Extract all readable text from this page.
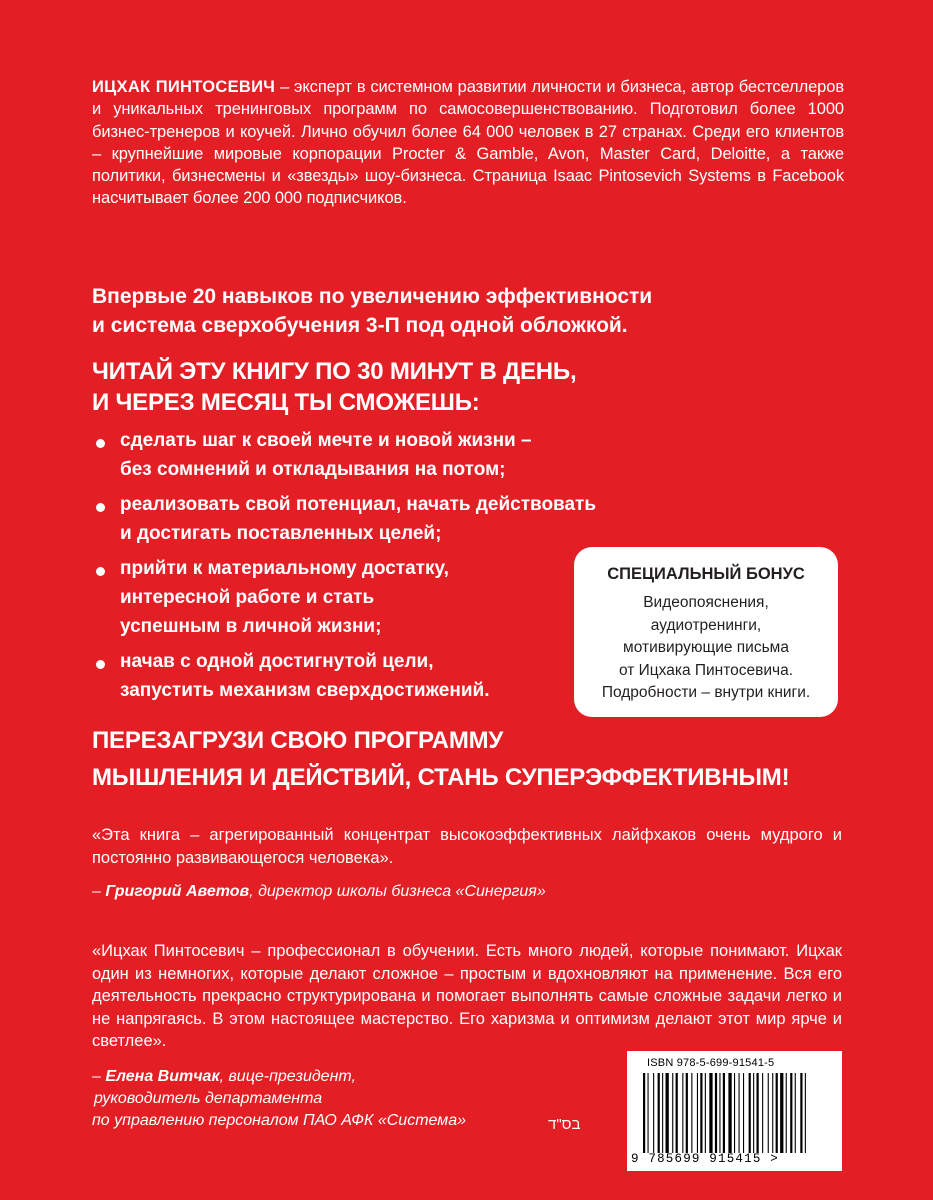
ИЦХАК ПИНТОСЕВИЧ – эксперт в системном развитии личности и бизнеса, автор бестселлеров и уникальных тренинговых программ по самосовершенствованию. Подготовил более 1000 бизнес-тренеров и коучей. Лично обучил более 64 000 человек в 27 странах. Среди его клиентов – крупнейшие мировые корпорации Procter & Gamble, Avon, Master Card, Deloitte, а также политики, бизнесмены и «звезды» шоу-бизнеса. Страница Isaac Pintosevich Systems в Facebook насчитывает более 200 000 подписчиков.
Впервые 20 навыков по увеличению эффективности
и система сверхобучения 3-П под одной обложкой.
ЧИТАЙ ЭТУ КНИГУ ПО 30 МИНУТ В ДЕНЬ,
И ЧЕРЕЗ МЕСЯЦ ТЫ СМОЖЕШЬ:
сделать шаг к своей мечте и новой жизни –
без сомнений и откладывания на потом;
реализовать свой потенциал, начать действовать
и достигать поставленных целей;
прийти к материальному достатку,
интересной работе и стать
успешным в личной жизни;
начав с одной достигнутой цели,
запустить механизм сверхдостижений.
СПЕЦИАЛЬНЫЙ БОНУС
Видеопояснения,
аудиотренинги,
мотивирующие письма
от Ицхака Пинтосевича.
Подробности – внутри книги.
ПЕРЕЗАГРУЗИ СВОЮ ПРОГРАММУ
МЫШЛЕНИЯ И ДЕЙСТВИЙ, СТАНЬ СУПЕРЭФФЕКТИВНЫМ!
«Эта книга – агрегированный концентрат высокоэффективных лайфхаков очень мудрого и постоянно развивающегося человека».
– Григорий Аветов, директор школы бизнеса «Синергия»
«Ицхак Пинтосевич – профессионал в обучении. Есть много людей, которые понимают. Ицхак один из немногих, которые делают сложное – простым и вдохновляют на применение. Вся его деятельность прекрасно структурирована и помогает выполнять самые сложные задачи легко и не напрягаясь. В этом настоящее мастерство. Его харизма и оптимизм делают этот мир ярче и светлее».
– Елена Витчак, вице-президент,
руководитель департамента
по управлению персоналом ПАО АФК «Система»	בס"ד
ISBN 978-5-699-91541-5
9 785699 915415 >
